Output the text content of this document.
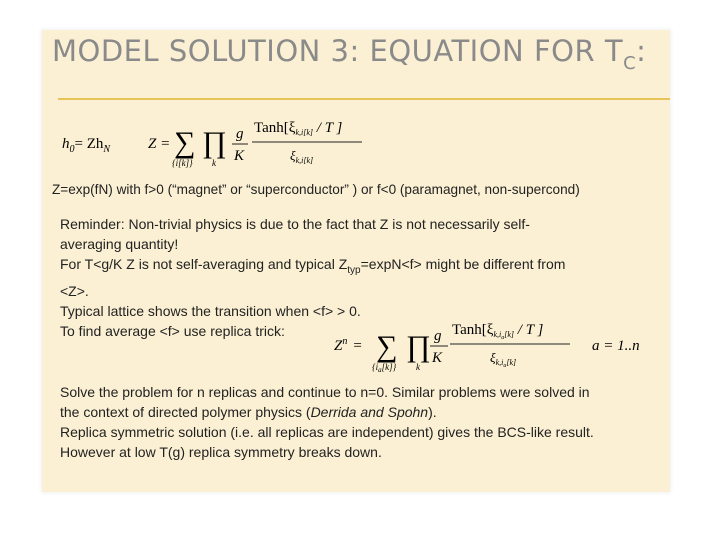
MODEL SOLUTION 3: EQUATION FOR $T_C$:
$h_0= Zh_N$	Z = ∑
{i[k]}
∏
k
g
K
$Tanh[\xi_{k,i[k]}$ / T ]
$\xi_{k,i[k]}$
Z=exp(fN) with f>0 (“magnet” or “superconductor” ) or f<0 (paramagnet, non-supercond)

Reminder: Non-trivial physics is due to the fact that Z is not necessarily self-

averaging quantity!

For T<g/K Z is not self-averaging and typical $Z_{typ}=\exp N<f>$ might be different from

<Z>.

Typical lattice shows the transition when <f> > 0.

To find average <f> use replica trick:

$Z^n$ = ∑
$\{i_a[k]\}$
∏
k
g
K
$Tanh[\xi_{k,i}a[k]$ / T ]
$\xi_{k,i}a[k]$
a = 1..n

Solve the problem for n replicas and continue to n=0. Similar problems were solved in

the context of directed polymer physics (Derrida and Spohn).

Replica symmetric solution (i.e. all replicas are independent) gives the BCS-like result.

However at low T(g) replica symmetry breaks down.
